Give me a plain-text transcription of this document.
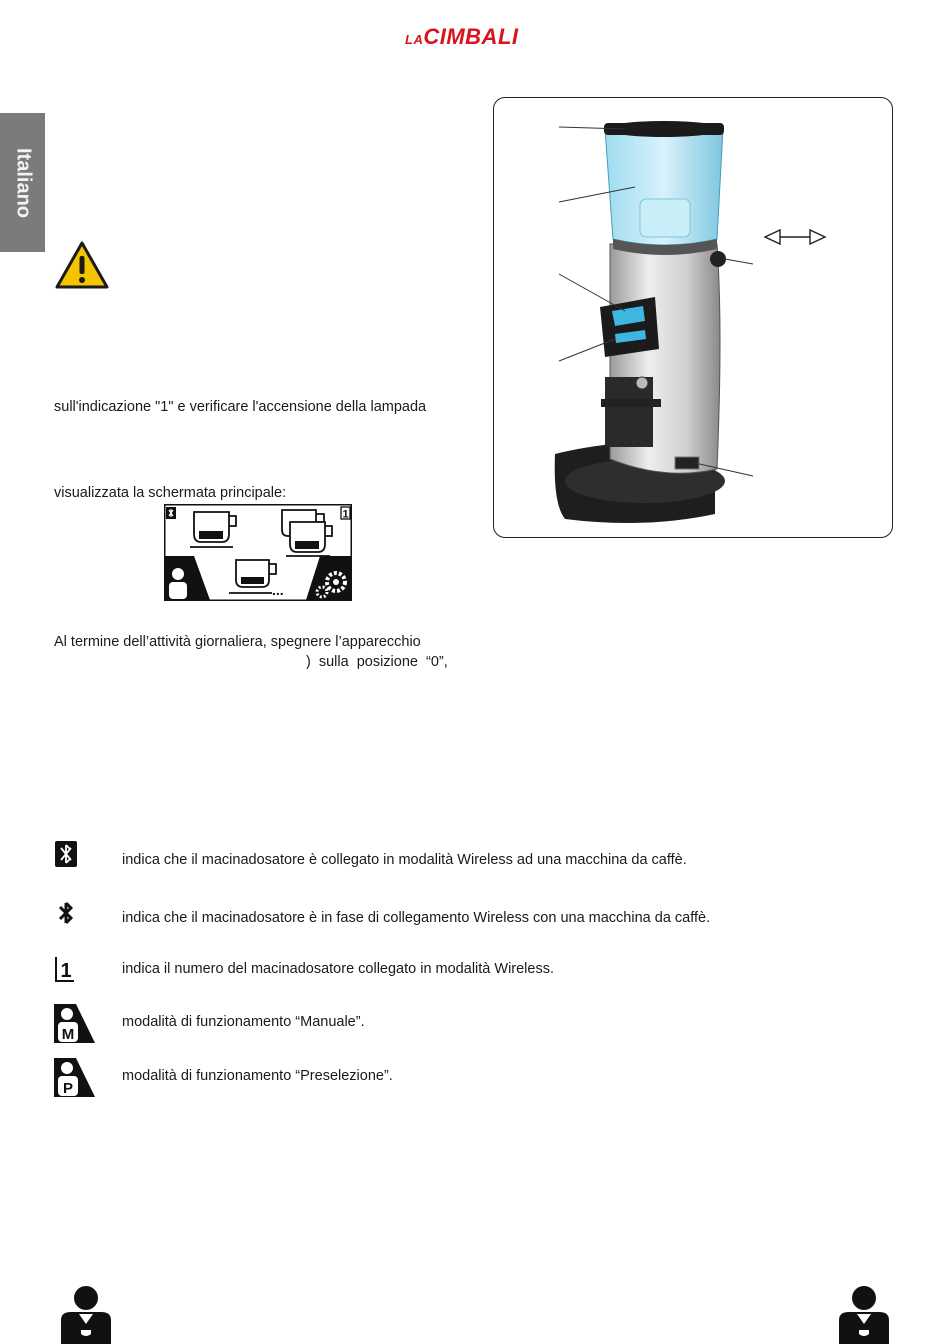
LACIMBALI
Italiano
sull'indicazione "1" e verificare l'accensione della lampada
visualizzata la schermata principale:
Al termine dell’attività giornaliera, spegnere l’apparecchio
) sulla posizione “0”,
1
...
indica che il macinadosatore è collegato in modalità Wireless ad una macchina da caffè.
indica che il macinadosatore è in fase di collegamento Wireless con una macchina da caffè.
1	indica il numero del macinadosatore collegato in modalità Wireless.
M
modalità di funzionamento “Manuale”.
P
modalità di funzionamento “Preselezione”.
